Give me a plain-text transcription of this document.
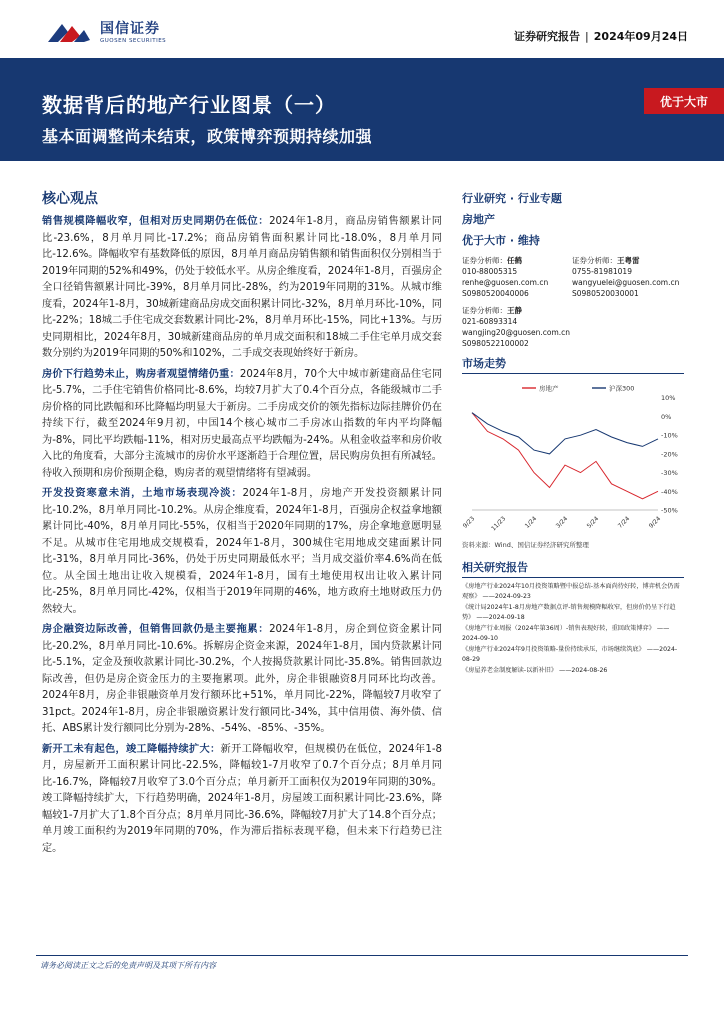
国信证券
GUOSEN SECURITIES	证券研究报告 | 2024年09月24日
数据背后的地产行业图景（一）
基本面调整尚未结束，政策博弈预期持续加强
优于大市
核心观点

销售规模降幅收窄，但相对历史同期仍在低位：2024年1-8月，商品房销售额累计同比-23.6%，8月单月同比-17.2%；商品房销售面积累计同比-18.0%，8月单月同比-12.6%。降幅收窄有基数降低的原因，8月单月商品房销售额和销售面积仅分别相当于2019年同期的52%和49%，仍处于较低水平。从房企维度看，2024年1-8月，百强房企全口径销售额累计同比-39%，8月单月同比-28%，约为2019年同期的31%。从城市维度看，2024年1-8月，30城新建商品房成交面积累计同比-32%，8月单月环比-10%，同比-22%；18城二手住宅成交套数累计同比-2%，8月单月环比-15%，同比+13%。与历史同期相比，2024年8月，30城新建商品房的单月成交面积和18城二手住宅单月成交套数分别约为2019年同期的50%和102%，二手成交表现始终好于新房。

房价下行趋势未止，购房者观望情绪仍重：2024年8月，70个大中城市新建商品住宅同比-5.7%，二手住宅销售价格同比-8.6%，均较7月扩大了0.4个百分点，各能级城市二手房价格的同比跌幅和环比降幅均明显大于新房。二手房成交价的领先指标边际挂牌价仍在持续下行，截至2024年9月初，中国14个核心城市二手房冰山指数的年内平均降幅为-8%，同比平均跌幅-11%，相对历史最高点平均跌幅为-24%。从租金收益率和房价收入比的角度看，大部分主流城市的房价水平逐渐趋于合理位置，居民购房负担有所减轻。待收入预期和房价预期企稳，购房者的观望情绪将有望减弱。

开发投资寒意未消，土地市场表现冷淡：2024年1-8月，房地产开发投资额累计同比-10.2%，8月单月同比-10.2%。从房企维度看，2024年1-8月，百强房企权益拿地额累计同比-40%，8月单月同比-55%，仅相当于2020年同期的17%，房企拿地意愿明显不足。从城市住宅用地成交规模看，2024年1-8月，300城住宅用地成交建面累计同比-31%，8月单月同比-36%，仍处于历史同期最低水平；当月成交溢价率4.6%尚在低位。从全国土地出让收入规模看，2024年1-8月，国有土地使用权出让收入累计同比-25%，8月单月同比-42%，仅相当于2019年同期的46%，地方政府土地财政压力仍然较大。

房企融资边际改善，但销售回款仍是主要拖累：2024年1-8月，房企到位资金累计同比-20.2%，8月单月同比-10.6%。拆解房企资金来源，2024年1-8月，国内贷款累计同比-5.1%，定金及预收款累计同比-30.2%，个人按揭贷款累计同比-35.8%。销售回款边际改善，但仍是房企资金压力的主要拖累项。此外，房企非银融资8月同环比均改善。2024年8月，房企非银融资单月发行额环比+51%，单月同比-22%，降幅较7月收窄了31pct。2024年1-8月，房企非银融资累计发行额同比-34%，其中信用债、海外债、信托、ABS累计发行额同比分别为-28%、-54%、-85%、-35%。

新开工未有起色，竣工降幅持续扩大：新开工降幅收窄，但规模仍在低位，2024年1-8月，房屋新开工面积累计同比-22.5%，降幅较1-7月收窄了0.7个百分点；8月单月同比-16.7%，降幅较7月收窄了3.0个百分点；单月新开工面积仅为2019年同期的30%。竣工降幅持续扩大，下行趋势明确，2024年1-8月，房屋竣工面积累计同比-23.6%，降幅较1-7月扩大了1.8个百分点；8月单月同比-36.6%，降幅较7月扩大了14.8个百分点；单月竣工面积约为2019年同期的70%，作为滞后指标表现平稳，但未来下行趋势已注定。

行业研究 · 行业专题
房地产
优于大市 · 维持
证券分析师：任鹤
010-88005315
renhe@guosen.com.cn
S0980520040006
证券分析师：王粤雷
0755-81981019
wangyuelei@guosen.com.cn
S0980520030001
证券分析师：王静
021-60893314
wangjing20@guosen.com.cn
S0980522100002
市场走势
10%
0%
-10%
-20%
-30%
-40%
-50%
9/23 11/23	1/24	3/24	5/24	7/24	9/24
房地产	沪深300
资料来源：Wind、国信证券经济研究所整理
相关研究报告
《房地产行业2024年10月投资策略暨中报总结-基本面尚待好转，博弈机会仍需观察》 ——2024-09-23
《统计局2024年1-8月房地产数据点评-销售规模降幅收窄，但房价仍呈下行趋势》 ——2024-09-18
《房地产行业周报（2024年第36周）-销售表现好转，重回政策博弈》 ——2024-09-10
《房地产行业2024年9月投资策略-量价持续承压，市场继续筑底》 ——2024-08-29
《房屋养老金制度解读-以新补旧》 ——2024-08-26
请务必阅读正文之后的免责声明及其项下所有内容
